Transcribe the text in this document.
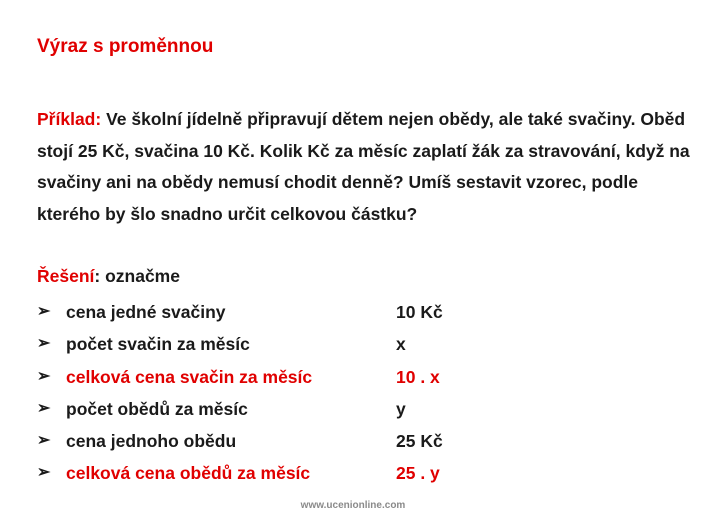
Výraz s proměnnou
Příklad: Ve školní jídelně připravují dětem nejen obědy, ale také svačiny. Oběd stojí 25 Kč, svačina 10 Kč. Kolik Kč za měsíc zaplatí žák za stravování, když na svačiny ani na obědy nemusí chodit denně? Umíš sestavit vzorec, podle kterého by šlo snadno určit celkovou částku?
Řešení: označme
➢ cena jedné svačiny	10 Kč
➢ počet svačin za měsíc	x
➢ celková cena svačin za měsíc	10 . x
➢ počet obědů za měsíc	y
➢ cena jednoho obědu	25 Kč
➢ celková cena obědů za měsíc	25 . y
www.ucenionline.com
